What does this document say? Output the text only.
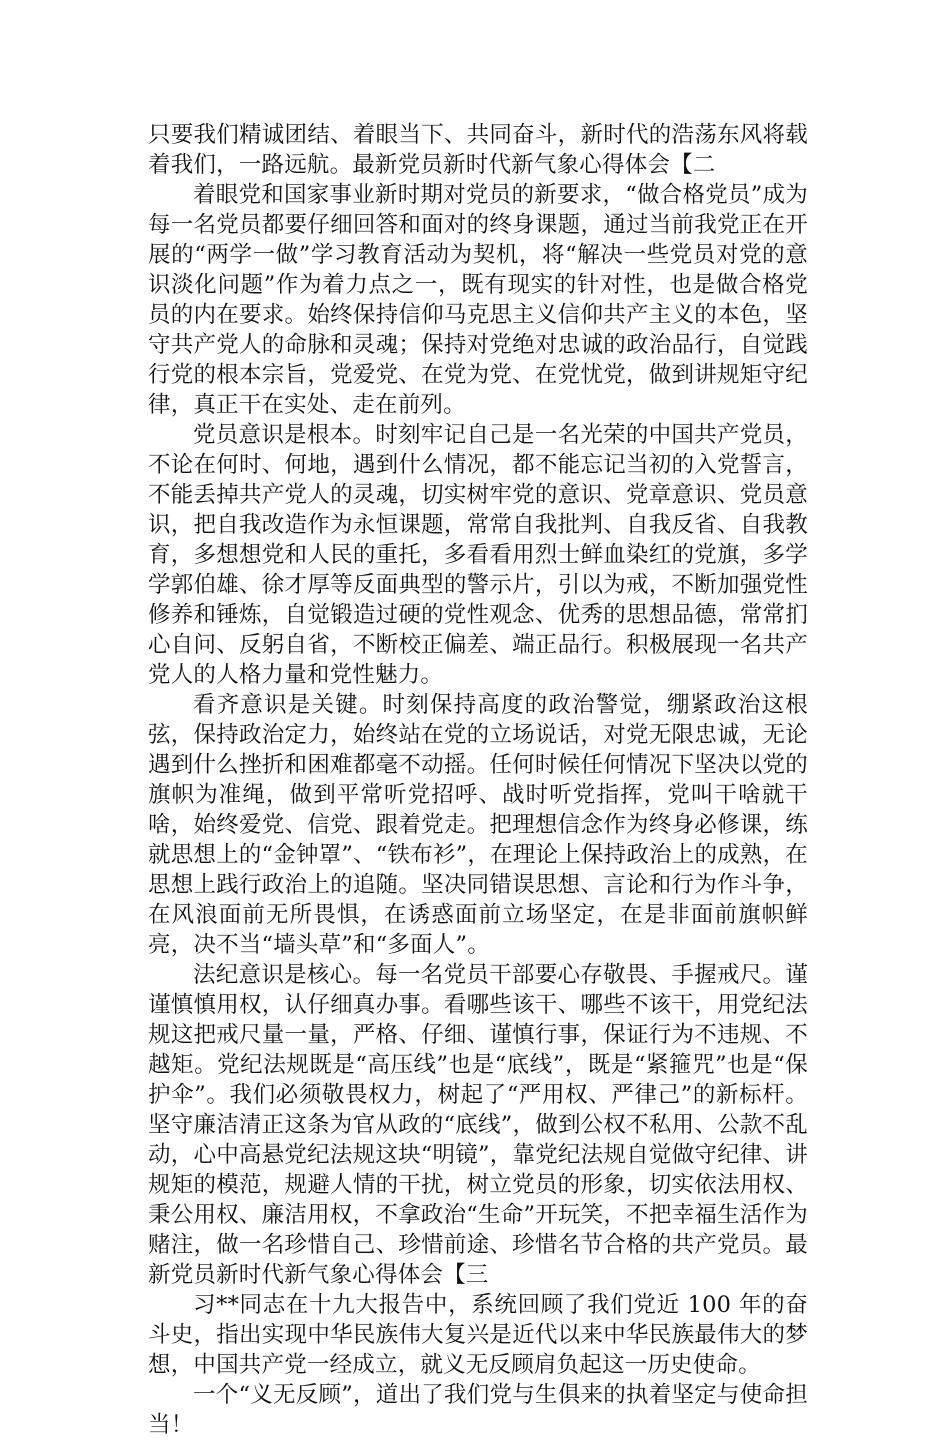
只要我们精诚团结、着眼当下、共同奋斗，新时代的浩荡东风将载着我们，一路远航。最新党员新时代新气象心得体会【二

着眼党和国家事业新时期对党员的新要求，“做合格党员”成为每一名党员都要仔细回答和面对的终身课题，通过当前我党正在开展的“两学一做”学习教育活动为契机，将“解决一些党员对党的意识淡化问题”作为着力点之一，既有现实的针对性，也是做合格党员的内在要求。始终保持信仰马克思主义信仰共产主义的本色，坚守共产党人的命脉和灵魂；保持对党绝对忠诚的政治品行，自觉践行党的根本宗旨，党爱党、在党为党、在党忧党，做到讲规矩守纪律，真正干在实处、走在前列。

党员意识是根本。时刻牢记自己是一名光荣的中国共产党员，不论在何时、何地，遇到什么情况，都不能忘记当初的入党誓言，不能丢掉共产党人的灵魂，切实树牢党的意识、党章意识、党员意识，把自我改造作为永恒课题，常常自我批判、自我反省、自我教育，多想想党和人民的重托，多看看用烈士鲜血染红的党旗，多学学郭伯雄、徐才厚等反面典型的警示片，引以为戒，不断加强党性修养和锤炼，自觉锻造过硬的党性观念、优秀的思想品德，常常扪心自问、反躬自省，不断校正偏差、端正品行。积极展现一名共产党人的人格力量和党性魅力。

看齐意识是关键。时刻保持高度的政治警觉，绷紧政治这根弦，保持政治定力，始终站在党的立场说话，对党无限忠诚，无论遇到什么挫折和困难都毫不动摇。任何时候任何情况下坚决以党的旗帜为准绳，做到平常听党招呼、战时听党指挥，党叫干啥就干啥，始终爱党、信党、跟着党走。把理想信念作为终身必修课，练就思想上的“金钟罩”、“铁布衫”，在理论上保持政治上的成熟，在思想上践行政治上的追随。坚决同错误思想、言论和行为作斗争，在风浪面前无所畏惧，在诱惑面前立场坚定，在是非面前旗帜鲜亮，决不当“墙头草”和“多面人”。

法纪意识是核心。每一名党员干部要心存敬畏、手握戒尺。谨谨慎慎用权，认仔细真办事。看哪些该干、哪些不该干，用党纪法规这把戒尺量一量，严格、仔细、谨慎行事，保证行为不违规、不越矩。党纪法规既是“高压线”也是“底线”，既是“紧箍咒”也是“保护伞”。我们必须敬畏权力，树起了“严用权、严律己”的新标杆。坚守廉洁清正这条为官从政的“底线”，做到公权不私用、公款不乱动，心中高悬党纪法规这块“明镜”，靠党纪法规自觉做守纪律、讲规矩的模范，规避人情的干扰，树立党员的形象，切实依法用权、秉公用权、廉洁用权，不拿政治“生命”开玩笑，不把幸福生活作为赌注，做一名珍惜自己、珍惜前途、珍惜名节合格的共产党员。最新党员新时代新气象心得体会【三

习**同志在十九大报告中，系统回顾了我们党近 100 年的奋斗史，指出实现中华民族伟大复兴是近代以来中华民族最伟大的梦想，中国共产党一经成立，就义无反顾肩负起这一历史使命。

一个“义无反顾”，道出了我们党与生俱来的执着坚定与使命担当！
